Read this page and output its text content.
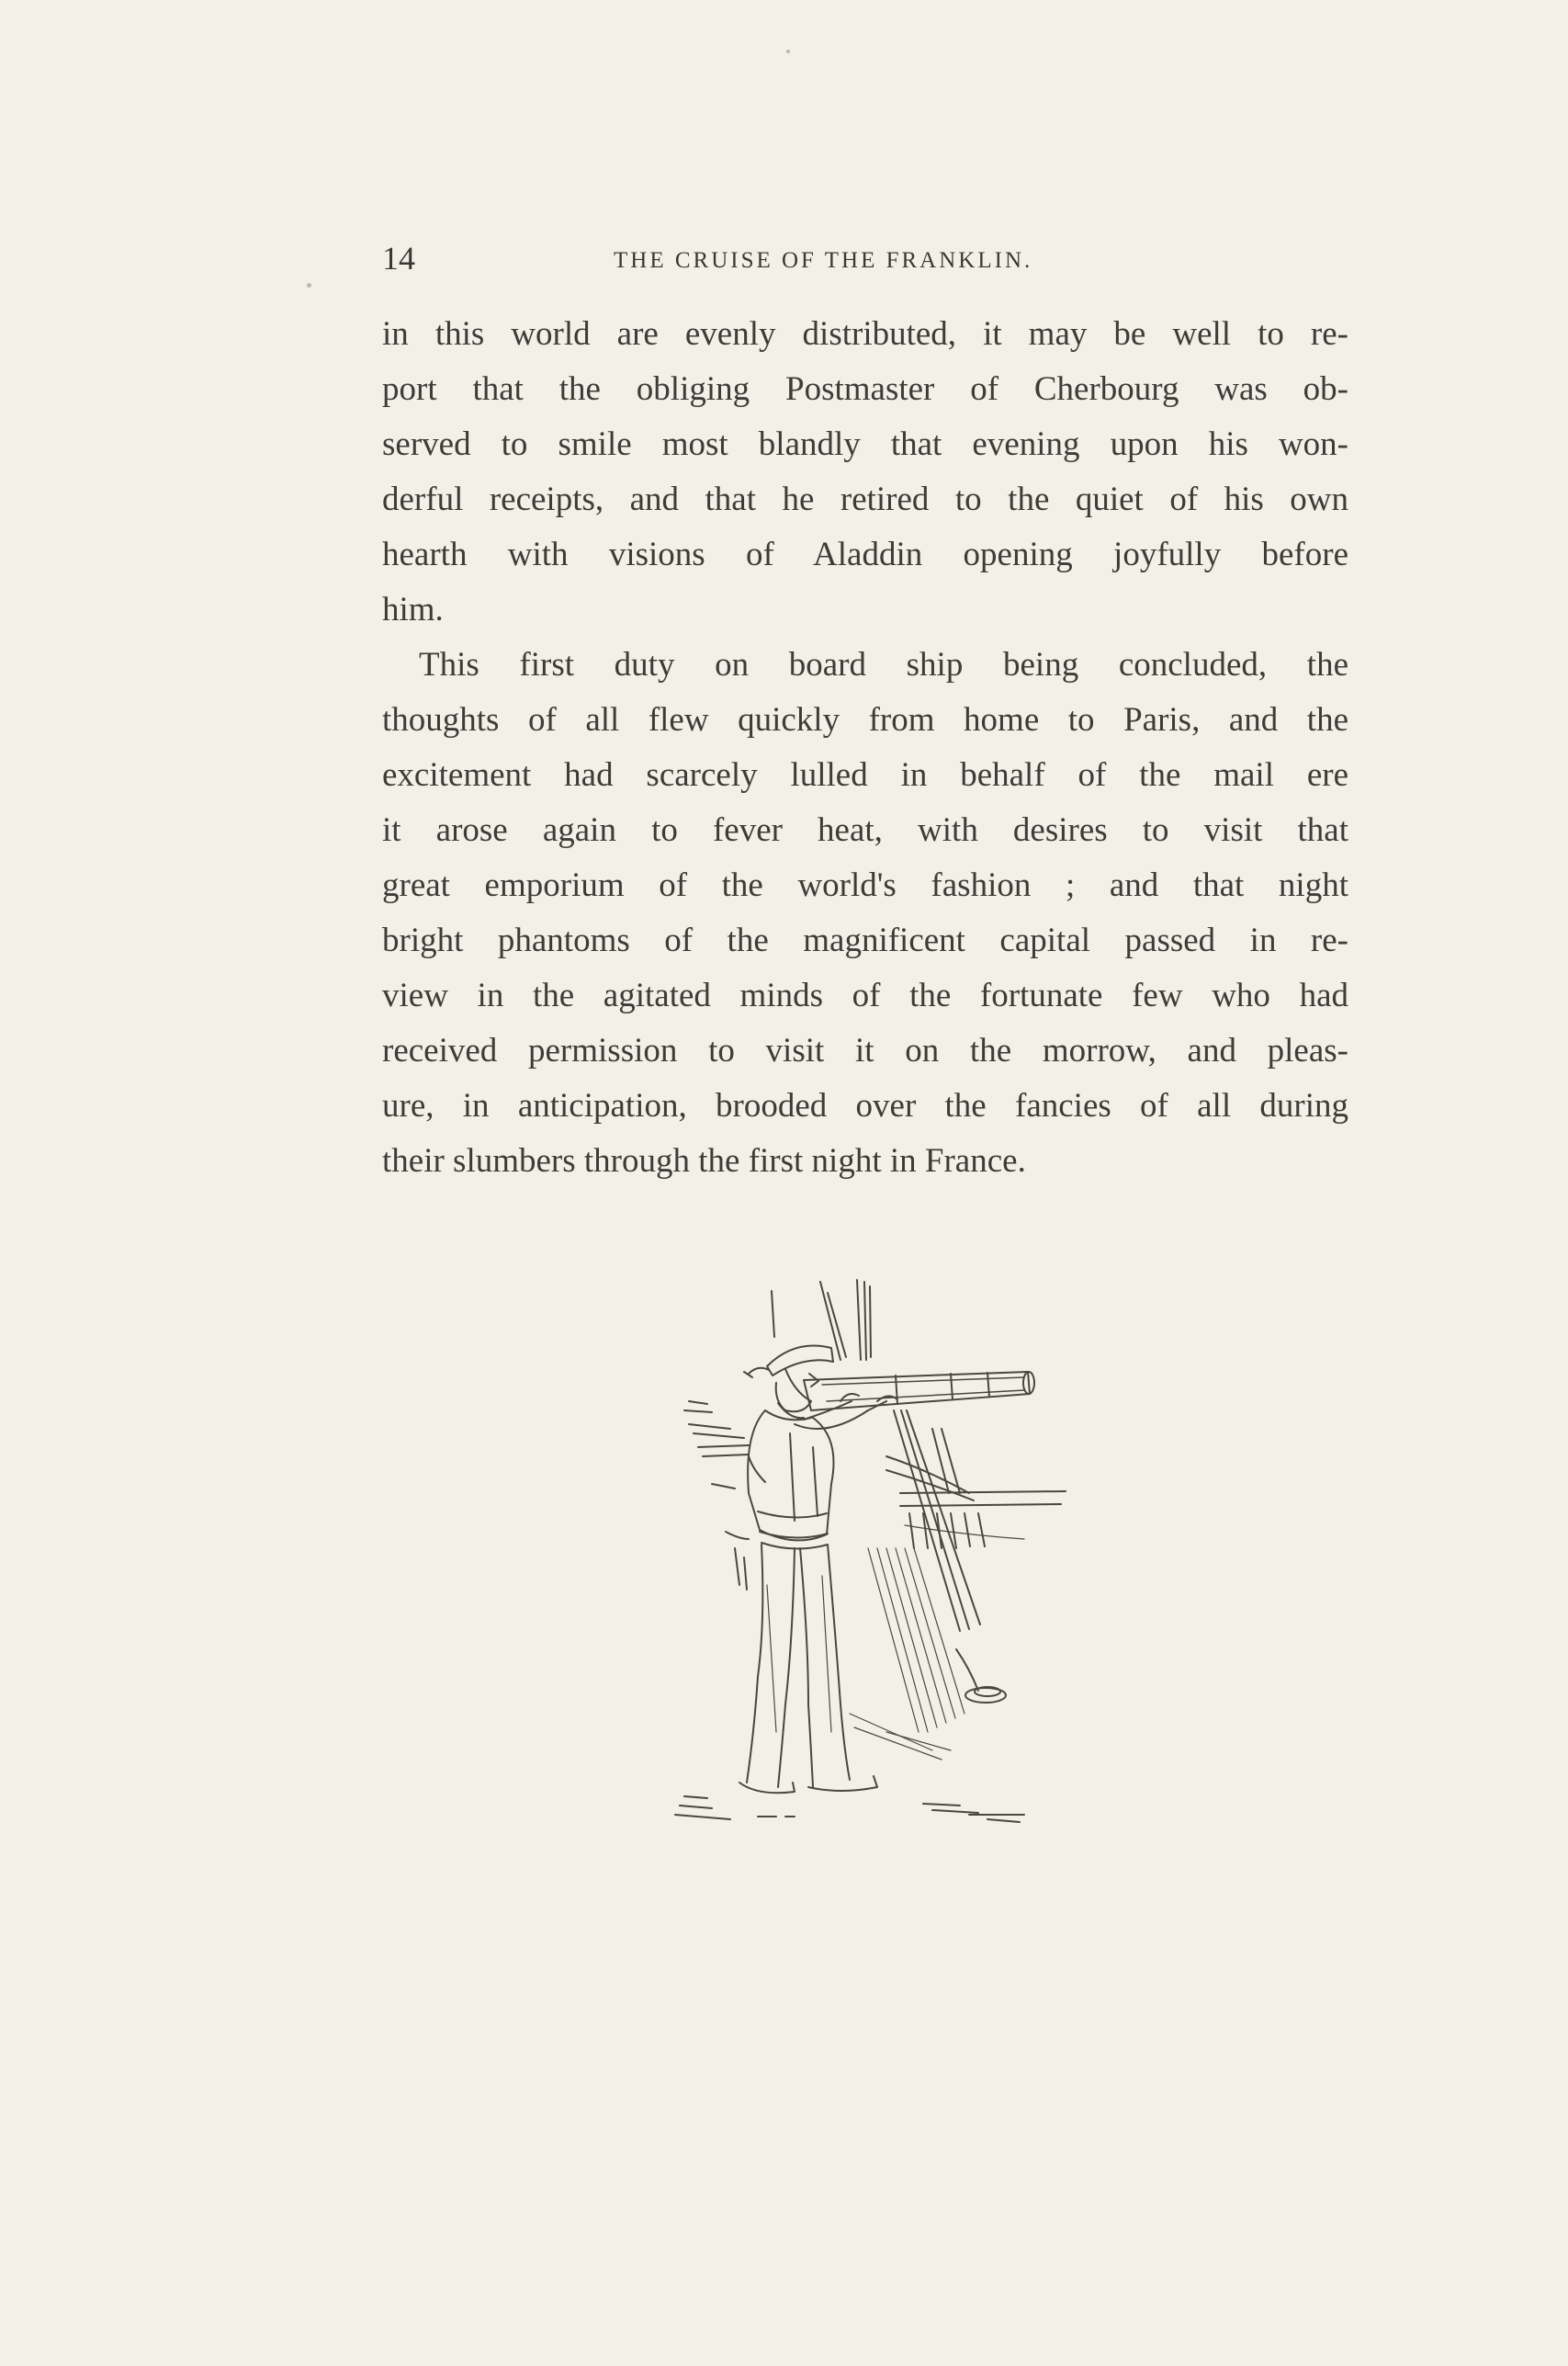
14	THE CRUISE OF THE FRANKLIN.
in this world are evenly distributed, it may be well to re-
port that the obliging Postmaster of Cherbourg was ob-
served to smile most blandly that evening upon his won-
derful receipts, and that he retired to the quiet of his own
hearth with visions of Aladdin opening joyfully before
him.
This first duty on board ship being concluded, the
thoughts of all flew quickly from home to Paris, and the
excitement had scarcely lulled in behalf of the mail ere
it arose again to fever heat, with desires to visit that
great emporium of the world's fashion ; and that night
bright phantoms of the magnificent capital passed in re-
view in the agitated minds of the fortunate few who had
received permission to visit it on the morrow, and pleas-
ure, in anticipation, brooded over the fancies of all during
their slumbers through the first night in France.
